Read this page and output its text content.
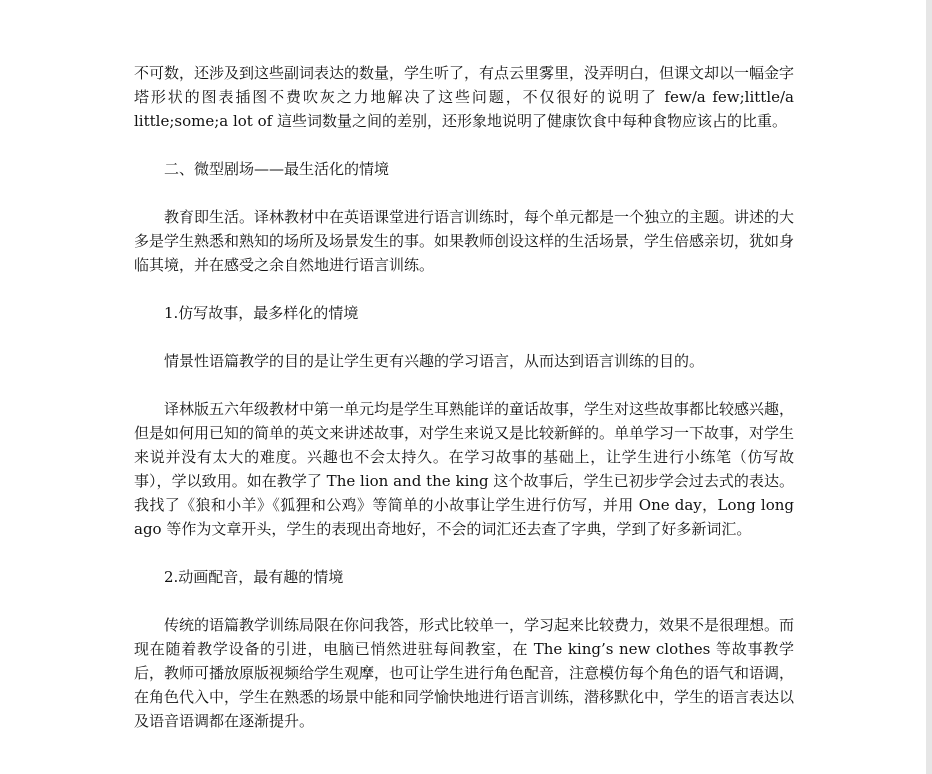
不可数，还涉及到这些副词表达的数量，学生听了，有点云里雾里，没弄明白，但课文却以一幅金字塔形状的图表插图不费吹灰之力地解决了这些问题，不仅很好的说明了 few/a few;little/a little;some;a lot of 這些词数量之间的差别，还形象地说明了健康饮食中每种食物应该占的比重。

二、微型剧场——最生活化的情境

教育即生活。译林教材中在英语课堂进行语言训练时，每个单元都是一个独立的主题。讲述的大多是学生熟悉和熟知的场所及场景发生的事。如果教师创设这样的生活场景，学生倍感亲切，犹如身临其境，并在感受之余自然地进行语言训练。

1.仿写故事，最多样化的情境

情景性语篇教学的目的是让学生更有兴趣的学习语言，从而达到语言训练的目的。

译林版五六年级教材中第一单元均是学生耳熟能详的童话故事，学生对这些故事都比较感兴趣，但是如何用已知的简单的英文来讲述故事，对学生来说又是比较新鲜的。单单学习一下故事，对学生来说并没有太大的难度。兴趣也不会太持久。在学习故事的基础上，让学生进行小练笔（仿写故事），学以致用。如在教学了 The lion and the king 这个故事后，学生已初步学会过去式的表达。我找了《狼和小羊》《狐狸和公鸡》等简单的小故事让学生进行仿写，并用 One day，Long long ago 等作为文章开头，学生的表现出奇地好，不会的词汇还去查了字典，学到了好多新词汇。

2.动画配音，最有趣的情境

传统的语篇教学训练局限在你问我答，形式比较单一，学习起来比较费力，效果不是很理想。而现在随着教学设备的引进，电脑已悄然进驻每间教室，在 The king’s new clothes 等故事教学后，教师可播放原版视频给学生观摩，也可让学生进行角色配音，注意模仿每个角色的语气和语调，在角色代入中，学生在熟悉的场景中能和同学愉快地进行语言训练，潜移默化中，学生的语言表达以及语音语调都在逐渐提升。
